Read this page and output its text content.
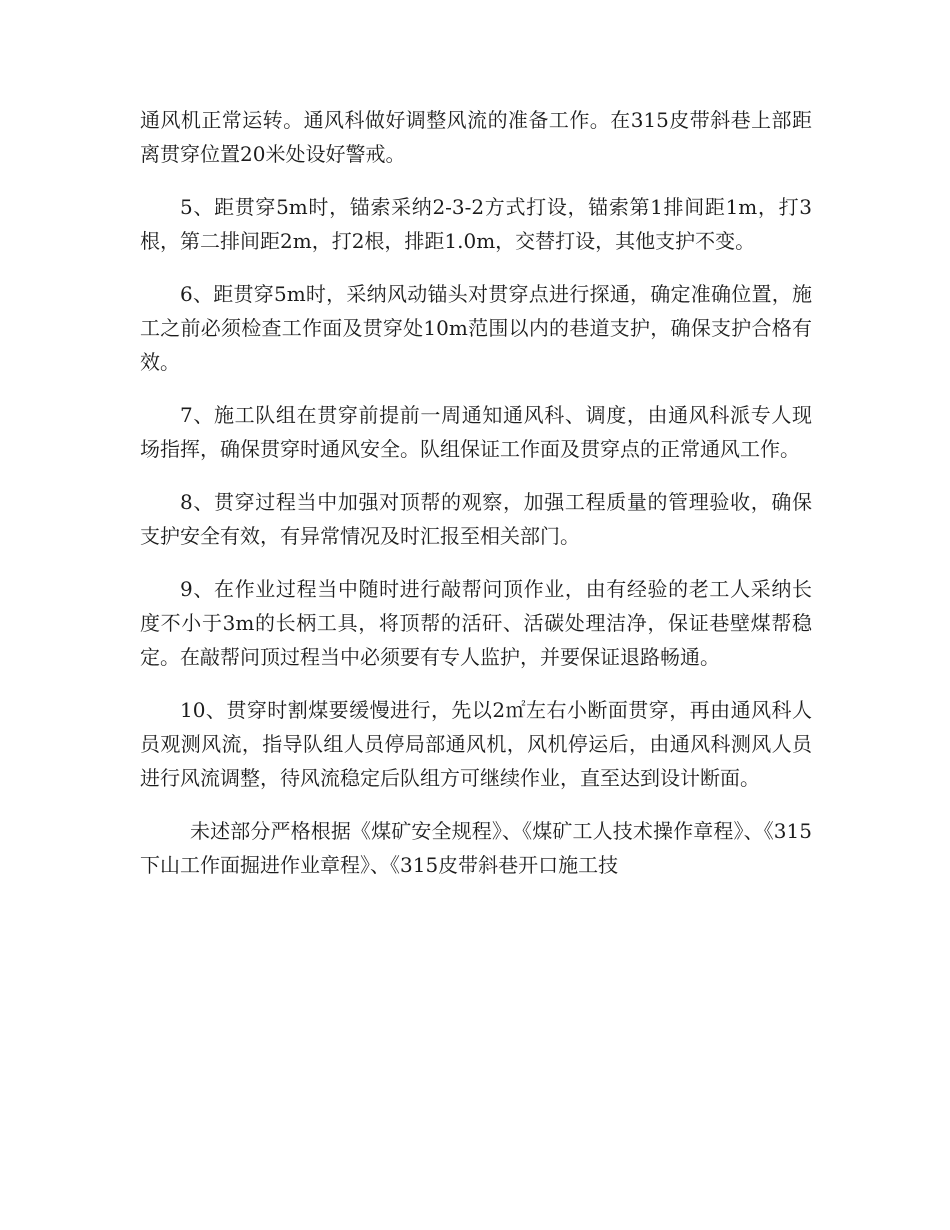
通风机正常运转。通风科做好调整风流的准备工作。在315皮带斜巷上部距离贯穿位置20米处设好警戒。

5、距贯穿5m时，锚索采纳2-3-2方式打设，锚索第1排间距1m，打3根，第二排间距2m，打2根，排距1.0m，交替打设，其他支护不变。

6、距贯穿5m时，采纳风动锚头对贯穿点进行探通，确定准确位置，施工之前必须检查工作面及贯穿处10m范围以内的巷道支护，确保支护合格有效。

7、施工队组在贯穿前提前一周通知通风科、调度，由通风科派专人现场指挥，确保贯穿时通风安全。队组保证工作面及贯穿点的正常通风工作。

8、贯穿过程当中加强对顶帮的观察，加强工程质量的管理验收，确保支护安全有效，有异常情况及时汇报至相关部门。

9、在作业过程当中随时进行敲帮问顶作业，由有经验的老工人采纳长度不小于3m的长柄工具，将顶帮的活矸、活碳处理洁净，保证巷壁煤帮稳定。在敲帮问顶过程当中必须要有专人监护，并要保证退路畅通。

10、贯穿时割煤要缓慢进行，先以2㎡左右小断面贯穿，再由通风科人员观测风流，指导队组人员停局部通风机，风机停运后，由通风科测风人员进行风流调整，待风流稳定后队组方可继续作业，直至达到设计断面。

未述部分严格根据《煤矿安全规程》、《煤矿工人技术操作章程》、《315下山工作面掘进作业章程》、《315皮带斜巷开口施工技
